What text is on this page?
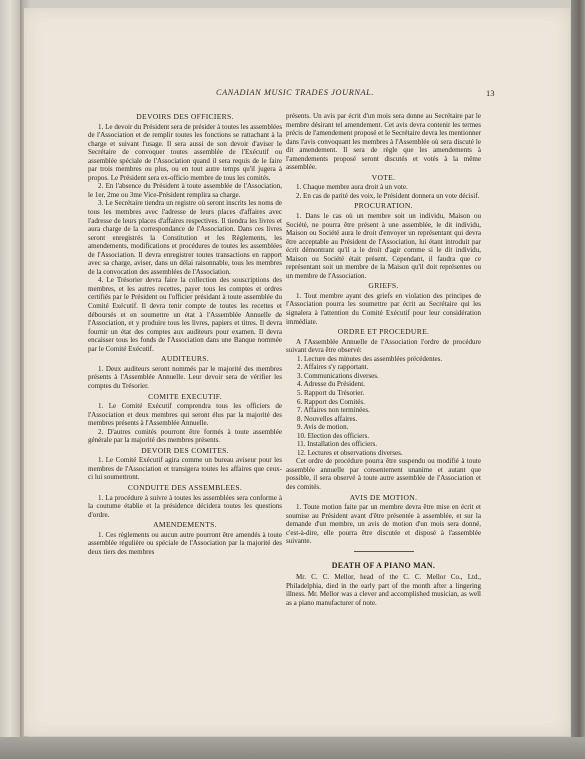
CANADIAN MUSIC TRADES JOURNAL.	13
DEVOIRS DES OFFICIERS.

1. Le devoir du Président sera de présider à toutes les assemblées de l'Association et de remplir toutes les fonctions se rattachant à la charge et suivant l'usage. Il sera aussi de son devoir d'aviser le Secrétaire de convoquer toutes assemblée de l'Exécutif ou assemblée spéciale de l'Association quand il sera requis de le faire par trois membres ou plus, ou en tout autre temps qu'il jugera à propos. Le Président sera ex-officio membre de tous les comités.

2. En l'absence du Président à toute assemblée de l'Association, le 1er, 2me ou 3me Vice-Président remplira sa charge.

3. Le Secrétaire tiendra un registre où seront inscrits les noms de tous les membres avec l'adresse de leurs places d'affaires avec l'adresse de leurs places d'affaires respectives. Il tiendra les livres et aura charge de la correspondance de l'Association. Dans ces livres seront enregistrés la Constitution et les Règlements, les amendements, modifications et procédures de toutes les assemblées de l'Association. Il devra enregistrer toutes transactions en rapport avec sa charge, aviser, dans un délai raisonnable, tous les membres de la convocation des assemblées de l'Association.

4. Le Trésorier devra faire la collection des souscriptions des membres, et les autres recettes, payer tous les comptes et ordres certifiés par le Président ou l'officier présidant à toute assemblée du Comité Exécutif. Il devra tenir compte de toutes les recettes et déboursés et en soumettre un état à l'Assemblée Annuelle de l'Association, et y produire tous les livres, papiers et titres. Il devra fournir un état des comptes aux auditeurs pour examen. Il devra encaisser tous les fonds de l'Association dans une Banque nommée par le Comité Exécutif.

AUDITEURS.

1. Deux auditeurs seront nommés par le majorité des membres présents à l'Assemblée Annuelle. Leur devoir sera de vérifier les comptes du Trésorier.

COMITE EXECUTIF.

1. Le Comité Exécutif comprendra tous les officiers de l'Association et deux membres qui seront élus par la majorité des membres présents à l'Assemblée Annuelle.

2. D'autres comités pourront être formés à toute assemblée générale par la majorité des membres présents.

DEVOIR DES COMITES.

1. Le Comité Exécutif agira comme un bureau aviseur pour les membres de l'Association et transigera toutes les affaires que ceux-ci lui soumettront.

CONDUITE DES ASSEMBLEES.

1. La procédure à suivre à toutes les assemblées sera conforme à la coutume établie et la présidence décidera toutes les questions d'ordre.

AMENDEMENTS.

1. Ces règlements ou aucun autre pourront être amendés à toute assemblée régulière ou spéciale de l'Association par la majorité des deux tiers des membres

présents. Un avis par écrit d'un mois sera donne au Secrétaire par le membre désirant tel amendement. Cet avis devra contenir les termes précis de l'amendement proposé et le Secrétaire devra les mentionner dans l'avis convoquant les membres à l'Assemblée où sera discuté le dit amendement. Il sera de règle que les amendements à l'amendements proposé seront discutés et votés à la même assemblée.

VOTE.

1. Chaque membre aura droit à un vote.

2. En cas de parité des voix, le Président donnera un vote décisif.

PROCURATION.

1. Dans le cas où un membre soit un individu, Maison ou Société, ne pourra être présent à une assemblée, le dit individu, Maison ou Société aura le droit d'envoyer un représentant qui devra être acceptable au Président de l'Association, lui étant introduit par écrit démontrant qu'il a le droit d'agir comme si le dit individu, Maison ou Société était présent. Cependant, il faudra que ce représentant soit un membre de la Maison qu'il doit représentes ou un membre de l'Association.

GRIEFS.

1. Tout membre ayant des griefs en violation des principes de l'Association pourra les soumettre par écrit au Secrétaire qui les signalera à l'attention du Comité Exécutif pour leur considération immédiate.

ORDRE ET PROCEDURE.

A l'Assemblée Annuelle de l'Association l'ordre de procédure suivant devra être observé:

1. Lecture des minutes des assemblées précédentes.
2. Affaires s'y rapportant.
3. Communications diverses.
4. Adresse du Président.
5. Rapport du Trésorier.
6. Rapport des Comités.
7. Affaires non terminées.
8. Nouvelles affaires.
9. Avis de motion.
10. Election des officiers.
11. Installation des officiers.
12. Lectures et observations diverses.

Cet ordre de procédure pourra être suspendu ou modifié à toute assemblée annuelle par consentement unanime et autant que possible, il sera observé à toute autre assemblée de l'Association et des comités.

AVIS DE MOTION.

1. Toute motion faite par un membre devra être mise en écrit et soumise au Président avant d'être présentée à assemblée, et sur la demande d'un membre, un avis de motion d'un mois sera donné, c'est-à-dire, elle pourra être discutée et disposé à l'assemblée suivante.

DEATH OF A PIANO MAN.

Mr. C. C. Mellor, head of the C. C. Mellor Co., Ltd., Philadelphia, died in the early part of the month after a lingering illness. Mr. Mellor was a clever and accomplished musician, as well as a piano manufacturer of note.
